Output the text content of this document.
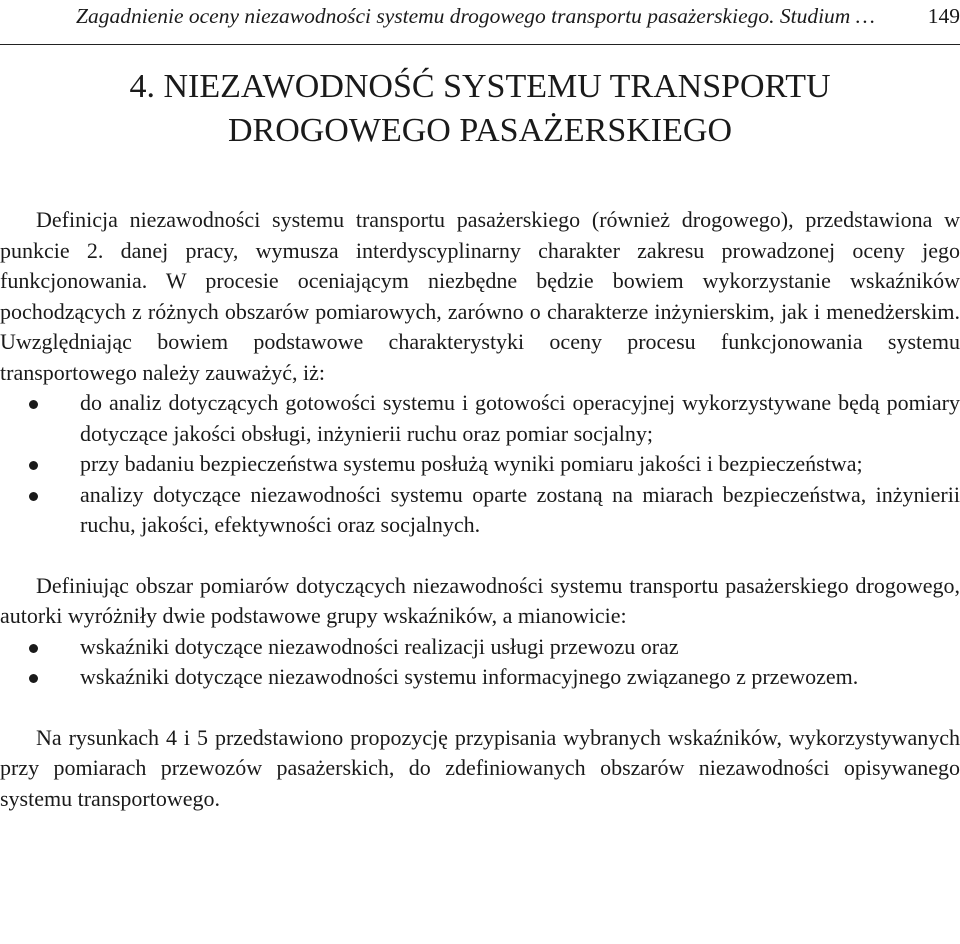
Zagadnienie oceny niezawodności systemu drogowego transportu pasażerskiego. Studium … 149
4. NIEZAWODNOŚĆ SYSTEMU TRANSPORTU
DROGOWEGO PASAŻERSKIEGO

Definicja niezawodności systemu transportu pasażerskiego (również drogowego), przedstawiona w punkcie 2. danej pracy, wymusza interdyscyplinarny charakter zakresu prowadzonej oceny jego funkcjonowania. W procesie oceniającym niezbędne będzie bowiem wykorzystanie wskaźników pochodzących z różnych obszarów pomiarowych, zarówno o charakterze inżynierskim, jak i menedżerskim. Uwzględniając bowiem podstawowe charakterystyki oceny procesu funkcjonowania systemu transportowego należy zauważyć, iż:

do analiz dotyczących gotowości systemu i gotowości operacyjnej wykorzystywane będą pomiary dotyczące jakości obsługi, inżynierii ruchu oraz pomiar socjalny;

przy badaniu bezpieczeństwa systemu posłużą wyniki pomiaru jakości i bezpieczeństwa;

analizy dotyczące niezawodności systemu oparte zostaną na miarach bezpieczeństwa, inżynierii ruchu, jakości, efektywności oraz socjalnych.

Definiując obszar pomiarów dotyczących niezawodności systemu transportu pasażerskiego drogowego, autorki wyróżniły dwie podstawowe grupy wskaźników, a mianowicie:

wskaźniki dotyczące niezawodności realizacji usługi przewozu oraz

wskaźniki dotyczące niezawodności systemu informacyjnego związanego z przewozem.

Na rysunkach 4 i 5 przedstawiono propozycję przypisania wybranych wskaźników, wykorzystywanych przy pomiarach przewozów pasażerskich, do zdefiniowanych obszarów niezawodności opisywanego systemu transportowego.
